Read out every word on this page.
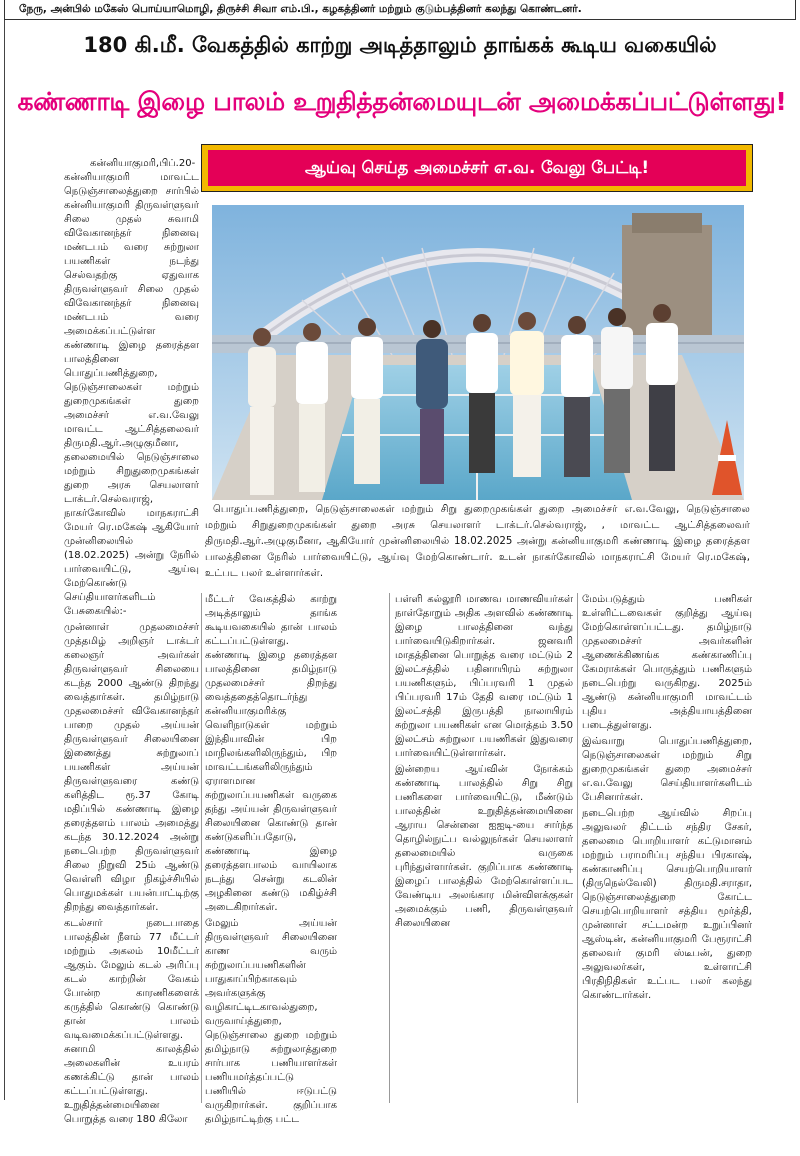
நேரு, அன்பில் மகேஸ் பொய்யாமொழி, திருச்சி சிவா எம்.பி., கழகத்தினர் மற்றும் குடும்பத்தினர் கலந்து கொண்டனர்.
180 கி.மீ. வேகத்தில் காற்று அடித்தாலும் தாங்கக் கூடிய வகையில்
கண்ணாடி இழை பாலம் உறுதித்தன்மையுடன் அமைக்கப்பட்டுள்ளது!
ஆய்வு செய்த அமைச்சர் எ.வ. வேலு பேட்டி!

பொதுப்பணித்துறை, நெடுஞ்சாலைகள் மற்றும் சிறு துறைமுகங்கள் துறை அமைச்சர் எ.வ.வேலு, நெடுஞ்சாலை மற்றும் சிறுதுறைமுகங்கள் துறை அரசு செயலாளர் டாக்டர்.செல்வராஜ், , மாவட்ட ஆட்சித்தலைவர் திருமதி.ஆர்.அழுகுமீனா, ஆகியோர் முன்னிலையில் 18.02.2025 அன்று கன்னியாகுமரி கண்ணாடி இழை தரைத்தள பாலத்தினை நேரில் பார்வையிட்டு, ஆய்வு மேற்கொண்டார். உடன் நாகர்கோவில் மாநகராட்சி மேயர் ரெ.மகேஷ், உட்பட பலர் உள்ளார்கள்.

கன்னியாகுமரி,பிப்.20- கன்னியாகுமரி மாவட்ட நெடுஞ்சாலைத்துறை சார்பில் கன்னியாகுமரி திருவள்ளுவர் சிலை முதல் சுவாமி விவேகானந்தர் நினைவு மண்டபம் வரை சுற்றுலா பயணிகள் நடந்து செல்வதற்கு ஏதுவாக திருவள்ளுவர் சிலை முதல் விவேகானந்தர் நினைவு மண்டபம் வரை அமைக்கப்பட்டுள்ள கண்ணாடி இழை தரைத்தள பாலத்தினை பொதுப்பணித்துறை, நெடுஞ்சாலைகள் மற்றும் துறைமுகங்கள் துறை அமைச்சர் எ.வ.வேலு மாவட்ட ஆட்சித்தலைவர் திருமதி.ஆர்.அழுகுமீனா, தலைமையில் நெடுஞ்சாலை மற்றும் சிறுதுறைமுகங்கள் துறை அரசு செயலாளர் டாக்டர்.செல்வராஜ், நாகர்கோவில் மாநகராட்சி மேயர் ரெ.மகேஷ் ஆகியோர் முன்னிலையில் (18.02.2025) அன்று நேரில் பார்வையிட்டு, ஆய்வு மேற்கொண்டு செய்தியாளர்களிடம் பேசுகையில்:-

முன்னாள் முதலமைச்சர் முத்தமிழ் அறிஞர் டாக்டர் கலைஞர் அவர்கள் திருவள்ளுவர் சிலையை கடந்த 2000 ஆண்டு திறந்து வைத்தார்கள். தமிழ்நாடு முதலமைச்சர் விவேகானந்தர் பாறை முதல் அய்யன் திருவள்ளுவர் சிலையினை இணைத்து சுற்றுலாப் பயணிகள் அய்யன் திருவள்ளுவரை கண்டு களித்திட ரூ.37 கோடி மதிப்பில் கண்ணாடி இழை தரைத்தளம் பாலம் அமைத்து கடந்த 30.12.2024 அன்று நடைபெற்ற திருவள்ளுவர் சிலை நிறுவி 25ம் ஆண்டு வெள்ளி விழா நிகழ்ச்சியில் பொதுமக்கள் பயன்பாட்டிற்கு திறந்து வைத்தார்கள்.

கடல்சார் நடைபாதை பாலத்தின் நீளம் 77 மீட்டர் மற்றும் அகலம் 10மீட்டர் ஆகும். மேலும் கடல் அரிப்பு கடல் காற்றின் வேகம் போன்ற காரணிகளைக் கருத்தில் கொண்டு கொண்டு தான் பாலம் வடிவமைக்கப்பட்டுள்ளது. சுனாமி காலத்தில் அலைகளின் உயரம் கணக்கிட்டு தான் பாலம் கட்டப்பட்டுள்ளது. உறுதித்தன்மையினை பொறுத்த வரை 180 கிலோ

மீட்டர் வேகத்தில் காற்று அடித்தாலும் தாங்க கூடியவகையில் தான் பாலம் கட்டப்பட்டுள்ளது. கண்ணாடி இழை தரைத்தள பாலத்தினை தமிழ்நாடு முதலமைச்சர் திறந்து வைத்ததைத்தொடர்ந்து கன்னியாகுமரிக்கு வெளிநாடுகள் மற்றும் இந்தியாவின் பிற மாநிலங்களிலிருந்தும், பிற மாவட்டங்களிலிருந்தும் ஏராளமான சுற்றுலாப்பயணிகள் வருகை தந்து அய்யன் திருவள்ளுவர் சிலையினை கொண்டு தான் கண்டுகளிப்பதோடு, கண்ணாடி இழை தரைத்தளபாலம் வாயிலாக நடந்து சென்று கடலின் அழகினை கண்டு மகிழ்ச்சி அடைகிறார்கள்.

மேலும் அய்யன் திருவள்ளுவர் சிலையினை காண வரும் சுற்றுலாப்பயணிகளின் பாதுகாப்பிற்காகவும் அவர்களுக்கு வழிகாட்டிடகாவல்துறை, வருவாய்த்துறை, நெடுஞ்சாலை துறை மற்றும் தமிழ்நாடு சுற்றுலாத்துறை சார்பாக பணியாளர்கள் பணியமர்த்தப்பட்டு பணியில் ஈடுபட்டு வருகிறார்கள். குறிப்பாக தமிழ்நாட்டிற்கு பட்ட

பள்ளி கல்லூரி மாணவ மாணவியர்கள் நாள்தோறும் அதிக அளவில் கண்ணாடி இழை பாலத்தினை வந்து பார்வையிடுகிறார்கள். ஜனவரி மாதத்தினை பொறுத்த வரை மட்டும் 2 இலட்சத்தில் பதினாயிரம் சுற்றுலா பயணிகளும், பிப்பரவரி 1 முதல் பிப்பரவரி 17ம் தேதி வரை மட்டும் 1 இலட்சத்தி இருபத்தி நாலாயிரம் சுற்றுலா பயணிகள் என மொத்தம் 3.50 இலட்சம் சுற்றுலா பயணிகள் இதுவரை பார்வையிட்டுள்ளார்கள்.

இன்றைய ஆய்வின் நோக்கம் கண்ணாடி பாலத்தில் சிறு சிறு பணிகளை பார்வையிட்டு, மீண்டும் பாலத்தின் உறுதித்தன்மையினை ஆராய சென்னை ஐஐடி-யை சார்ந்த தொழில்நுட்ப வல்லுநர்கள் செயலாளர் தலைமையில் வருகை புரிந்துள்ளார்கள். குறிப்பாக கண்ணாடி இழைப் பாலத்தில் மேற்கொள்ளப்பட வேண்டிய அலங்கார மின்விளக்குகள் அமைக்கும் பணி, திருவள்ளுவர் சிலையினை

மேம்படுத்தும் பணிகள் உள்ளிட்டவைகள் குறித்து ஆய்வு மேற்கொள்ளப்பட்டது. தமிழ்நாடு முதலமைச்சர் அவர்களின் ஆணைக்கிணங்க கண்காணிப்பு கேமராக்கள் பொருத்தும் பணிகளும் நடைபெற்று வருகிறது. 2025ம் ஆண்டு கன்னியாகுமரி மாவட்டம் புதிய அத்தியாயத்தினை படைத்துள்ளது.

இவ்வாறு பொதுப்பணித்துறை, நெடுஞ்சாலைகள் மற்றும் சிறு துறைமுகங்கள் துறை அமைச்சர் எ.வ.வேலு செய்தியாளர்களிடம் பேசினார்கள்.

நடைபெற்ற ஆய்வில் சிறப்பு அலுவலர் திட்டம் சந்திர சேகர், தலைமை பொறியாளர் கட்டுமானம் மற்றும் பராமரிப்பு சந்திய பிரகாஷ், கண்காணிப்பு செயற்பொறியாளர் (திருநெல்வேலி) திருமதி.சராதா, நெடுஞ்சாலைத்துறை கோட்ட செயற்பொறியாளர் சத்திய மூர்த்தி, முன்னாள் சட்டமன்ற உறுப்பினர் ஆஸ்டின், கன்னியாகுமரி பேரூராட்சி தலைவர் குமரி ஸ்டீபன், துறை அலுவலர்கள், உள்ளாட்சி பிரதிநிதிகள் உட்பட பலர் கலந்து கொண்டார்கள்.
